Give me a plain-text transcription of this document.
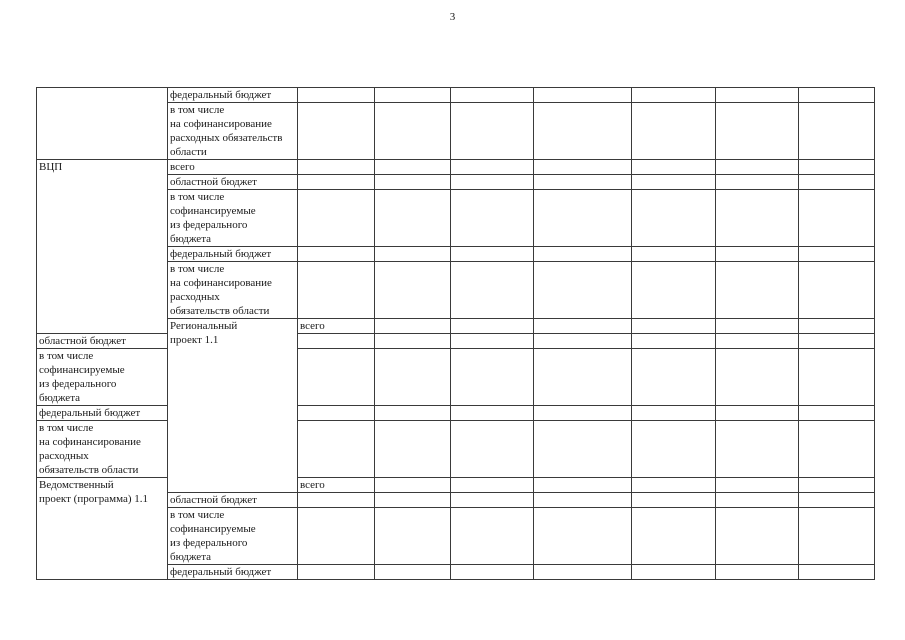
3
	федеральный бюджет								
	в том числе
на софинансирование
расходных обязательств
области								
ВЦП	всего								
	областной бюджет								
	в том числе
софинансируемые
из федерального
бюджета								
	федеральный бюджет								
	в том числе
на софинансирование
расходных
обязательств области								
	Региональный
проект 1.1	всего							
областной бюджет									
в том числе
софинансируемые
из федерального
бюджета									
федеральный бюджет									
в том числе
на софинансирование
расходных
обязательств области									
Ведомственный
проект (программа) 1.1		всего							
	областной бюджет								
	в том числе
софинансируемые
из федерального
бюджета								
	федеральный бюджет								
